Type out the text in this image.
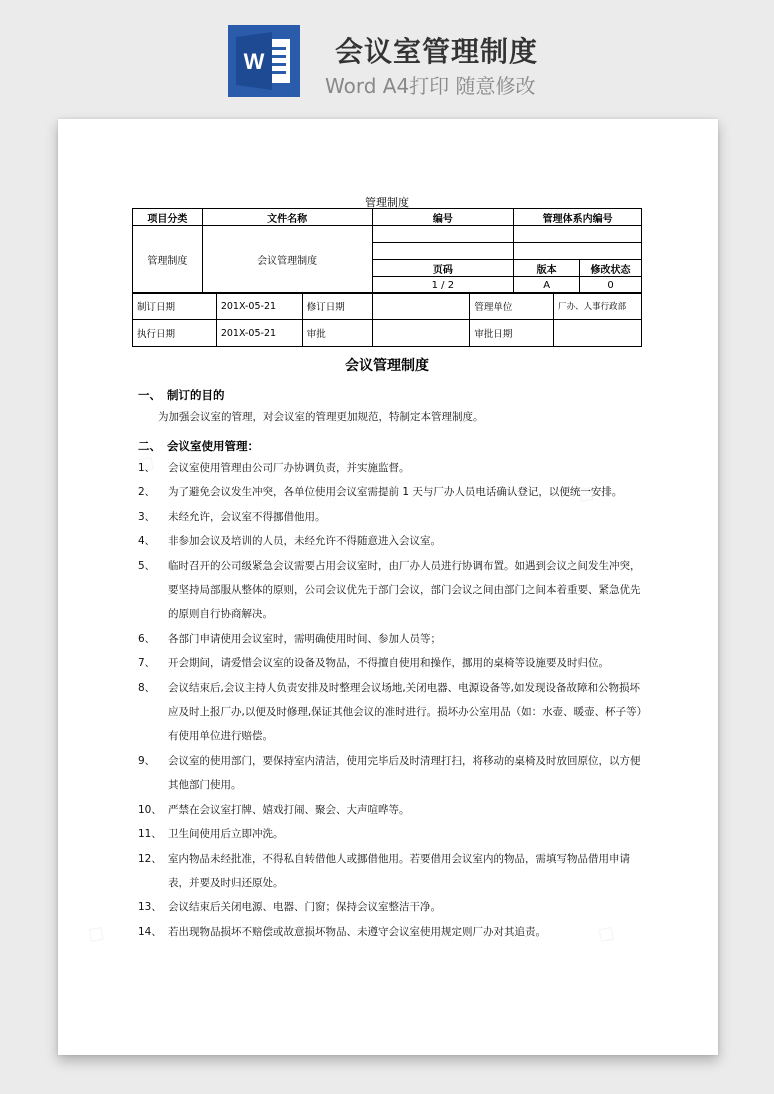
W	会议室管理制度
Word A4打印 随意修改
管理制度
项目分类	文件名称	编号	管理体系内编号	
管理制度	会议管理制度			

		页码	版本	修改状态
		1 / 2	A	0
制订日期	201X-05-21	修订日期		管理单位	厂办、人事行政部
执行日期	201X-05-21	审批		审批日期	
会议管理制度
一、 制订的目的
为加强会议室的管理，对会议室的管理更加规范，特制定本管理制度。
二、 会议室使用管理：
1、	会议室使用管理由公司厂办协调负责，并实施监督。
2、	为了避免会议发生冲突，各单位使用会议室需提前 1 天与厂办人员电话确认登记，以便统一安排。
3、	未经允许，会议室不得挪借他用。
4、	非参加会议及培训的人员，未经允许不得随意进入会议室。
5、	临时召开的公司级紧急会议需要占用会议室时，由厂办人员进行协调布置。如遇到会议之间发生冲突，要坚持局部服从整体的原则，公司会议优先于部门会议，部门会议之间由部门之间本着重要、紧急优先的原则自行协商解决。
6、	各部门申请使用会议室时，需明确使用时间、参加人员等；
7、	开会期间，请爱惜会议室的设备及物品，不得擅自使用和操作，挪用的桌椅等设施要及时归位。
8、	会议结束后,会议主持人负责安排及时整理会议场地,关闭电器、电源设备等,如发现设备故障和公物损坏应及时上报厂办,以便及时修理,保证其他会议的准时进行。损坏办公室用品（如：水壶、暖壶、杯子等）有使用单位进行赔偿。
9、	会议室的使用部门，要保持室内清洁，使用完毕后及时清理打扫，将移动的桌椅及时放回原位，以方便其他部门使用。
10、 严禁在会议室打牌、嬉戏打闹、聚会、大声喧哗等。
11、 卫生间使用后立即冲洗。
12、 室内物品未经批准，不得私自转借他人或挪借他用。若要借用会议室内的物品，需填写物品借用申请表，并要及时归还原处。
13、 会议结束后关闭电源、电器、门窗；保持会议室整洁干净。
14、 若出现物品损坏不赔偿或故意损坏物品、未遵守会议室使用规定则厂办对其追责。
